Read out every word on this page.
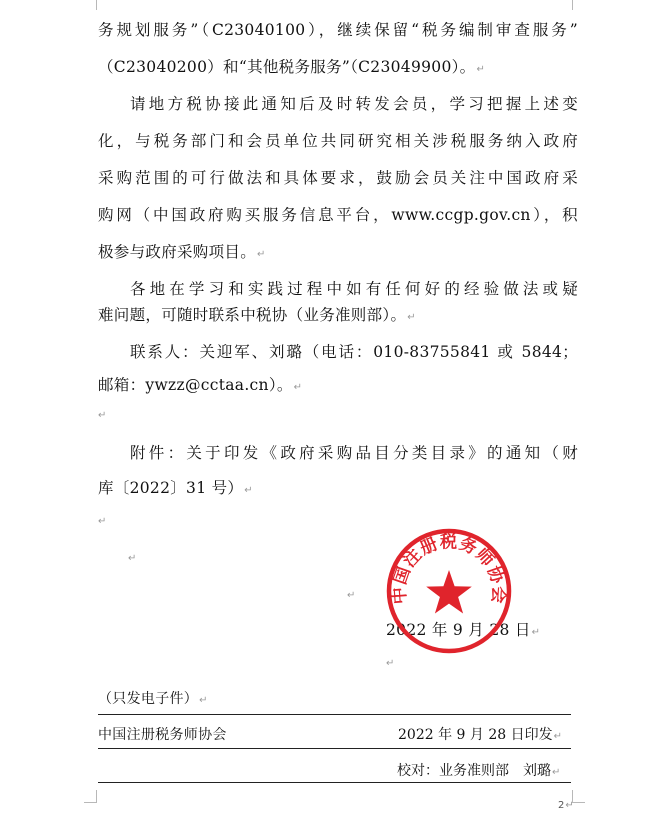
务规划服务”（C23040100），继续保留“税务编制审查服务”
（C23040200）和“其他税务服务”（C23049900）。↵
请地方税协接此通知后及时转发会员，学习把握上述变
化，与税务部门和会员单位共同研究相关涉税服务纳入政府
采购范围的可行做法和具体要求，鼓励会员关注中国政府采
购网（中国政府购买服务信息平台，www.ccgp.gov.cn），积
极参与政府采购项目。↵
各地在学习和实践过程中如有任何好的经验做法或疑
难问题，可随时联系中税协（业务准则部）。↵
联系人：关迎军、刘璐（电话：010-83755841 或 5844；
邮箱：ywzz@cctaa.cn）。↵
↵
附件：关于印发《政府采购品目分类目录》的通知（财
库〔2022〕31 号）↵
↵
↵
↵
2022 年 9 月 28 日↵
中国注册税务师协会
↵
（只发电子件）↵
中国注册税务师协会	2022 年 9 月 28 日印发↵
校对：业务准则部　刘璐↵
2↵
